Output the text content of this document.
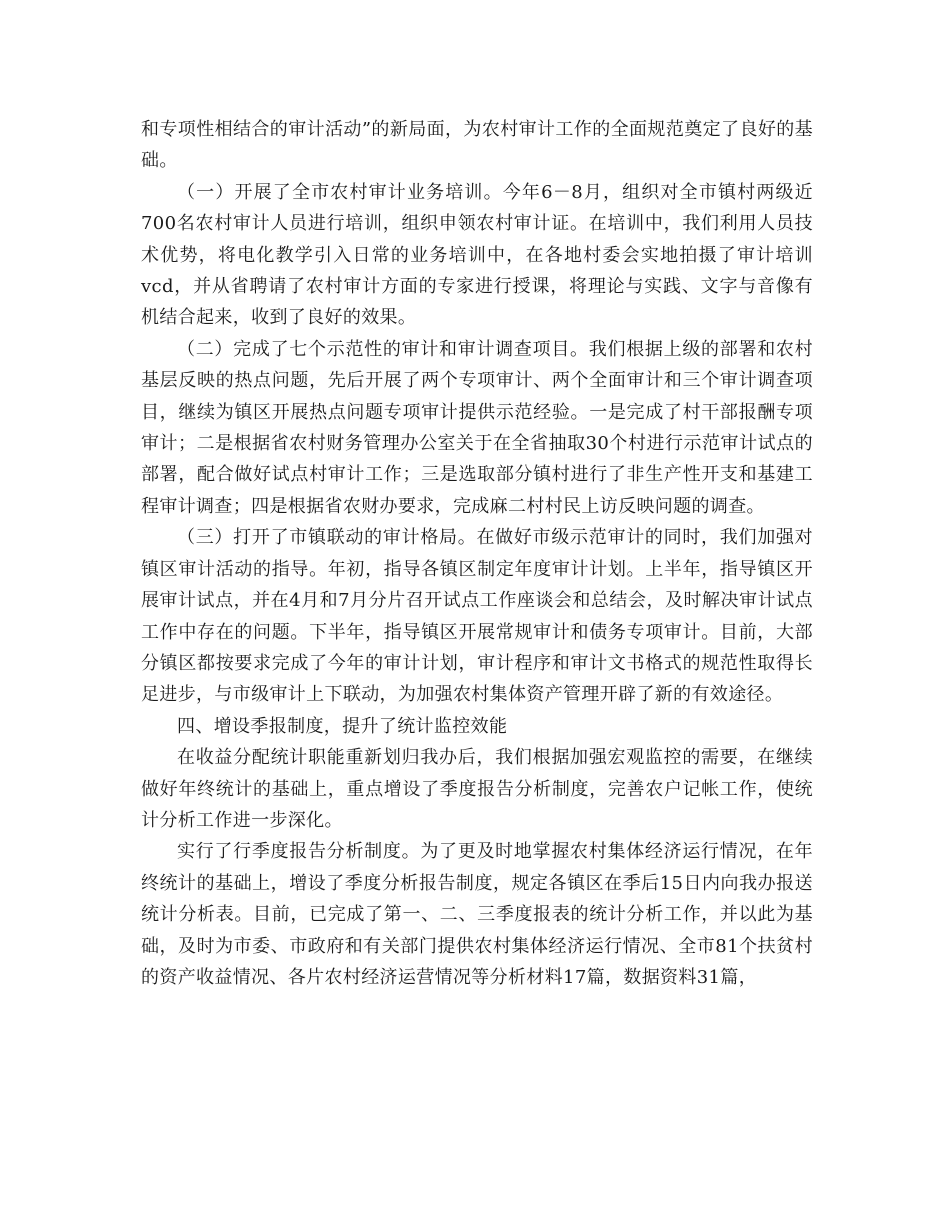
和专项性相结合的审计活动”的新局面，为农村审计工作的全面规范奠定了良好的基础。

（一）开展了全市农村审计业务培训。今年6－8月，组织对全市镇村两级近700名农村审计人员进行培训，组织申领农村审计证。在培训中，我们利用人员技术优势，将电化教学引入日常的业务培训中，在各地村委会实地拍摄了审计培训vcd，并从省聘请了农村审计方面的专家进行授课，将理论与实践、文字与音像有机结合起来，收到了良好的效果。

（二）完成了七个示范性的审计和审计调查项目。我们根据上级的部署和农村基层反映的热点问题，先后开展了两个专项审计、两个全面审计和三个审计调查项目，继续为镇区开展热点问题专项审计提供示范经验。一是完成了村干部报酬专项审计；二是根据省农村财务管理办公室关于在全省抽取30个村进行示范审计试点的部署，配合做好试点村审计工作；三是选取部分镇村进行了非生产性开支和基建工程审计调查；四是根据省农财办要求，完成麻二村村民上访反映问题的调查。

（三）打开了市镇联动的审计格局。在做好市级示范审计的同时，我们加强对镇区审计活动的指导。年初，指导各镇区制定年度审计计划。上半年，指导镇区开展审计试点，并在4月和7月分片召开试点工作座谈会和总结会，及时解决审计试点工作中存在的问题。下半年，指导镇区开展常规审计和债务专项审计。目前，大部分镇区都按要求完成了今年的审计计划，审计程序和审计文书格式的规范性取得长足进步，与市级审计上下联动，为加强农村集体资产管理开辟了新的有效途径。

四、增设季报制度，提升了统计监控效能

在收益分配统计职能重新划归我办后，我们根据加强宏观监控的需要，在继续做好年终统计的基础上，重点增设了季度报告分析制度，完善农户记帐工作，使统计分析工作进一步深化。

实行了行季度报告分析制度。为了更及时地掌握农村集体经济运行情况，在年终统计的基础上，增设了季度分析报告制度，规定各镇区在季后15日内向我办报送统计分析表。目前，已完成了第一、二、三季度报表的统计分析工作，并以此为基础，及时为市委、市政府和有关部门提供农村集体经济运行情况、全市81个扶贫村的资产收益情况、各片农村经济运营情况等分析材料17篇，数据资料31篇，
